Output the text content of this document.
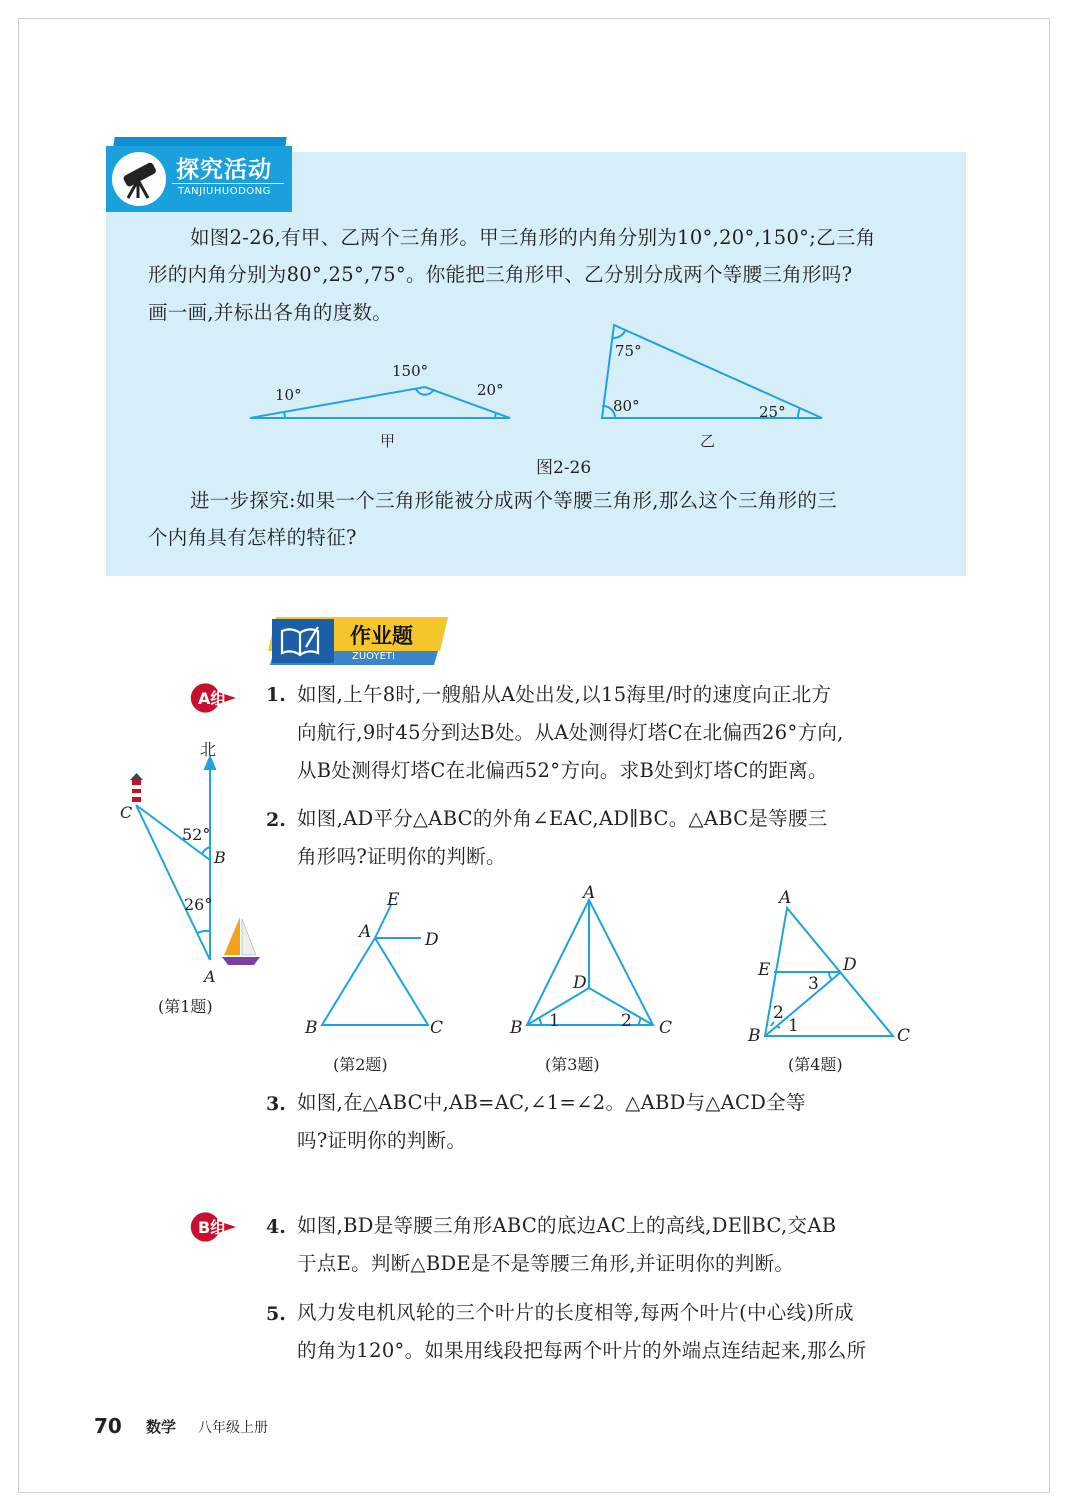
探究活动
TANJIUHUODONG
如图2-26,有甲、乙两个三角形。甲三角形的内角分别为10°,20°,150°;乙三角
形的内角分别为80°,25°,75°。你能把三角形甲、乙分别分成两个等腰三角形吗?
画一画,并标出各角的度数。
10°
150°
20°
甲
75°
80°	25°
乙
图2-26
进一步探究:如果一个三角形能被分成两个等腰三角形,那么这个三角形的三
个内角具有怎样的特征?
作业题
ZUOYETI
A组 1. 如图,上午8时,一艘船从A处出发,以15海里/时的速度向正北方
向航行,9时45分到达B处。从A处测得灯塔C在北偏西26°方向,
从B处测得灯塔C在北偏西52°方向。求B处到灯塔C的距离。
北
C
52°
B
26°
A
(第1题)
2. 如图,AD平分△ABC的外角∠EAC,AD∥BC。△ABC是等腰三
角形吗?证明你的判断。
E
A	D
B	C
(第2题)
A
D
B 1	2 C
(第3题)
A
E	D
3
2
B 1	C
(第4题)
3. 如图,在△ABC中,AB=AC,∠1=∠2。△ABD与△ACD全等
吗?证明你的判断。
B组 4. 如图,BD是等腰三角形ABC的底边AC上的高线,DE∥BC,交AB
于点E。判断△BDE是不是等腰三角形,并证明你的判断。
5. 风力发电机风轮的三个叶片的长度相等,每两个叶片(中心线)所成
的角为120°。如果用线段把每两个叶片的外端点连结起来,那么所
70 数学 八年级上册
